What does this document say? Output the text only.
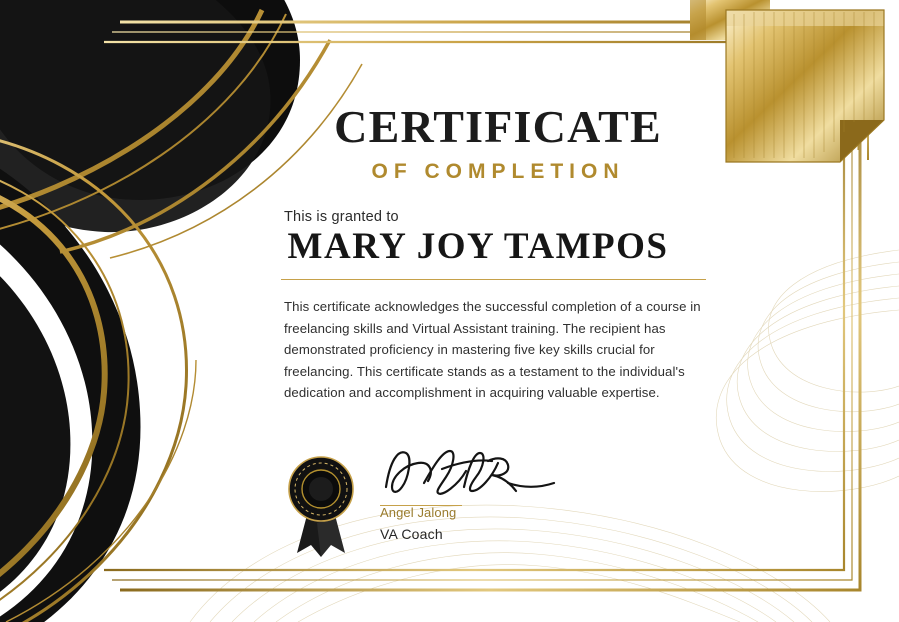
CERTIFICATE
OF COMPLETION
This is granted to
MARY JOY TAMPOS
This certificate acknowledges the successful completion of a course in freelancing skills and Virtual Assistant training. The recipient has demonstrated proficiency in mastering five key skills crucial for freelancing. This certificate stands as a testament to the individual's dedication and accomplishment in acquiring valuable expertise.
Angel Jalong
VA Coach
